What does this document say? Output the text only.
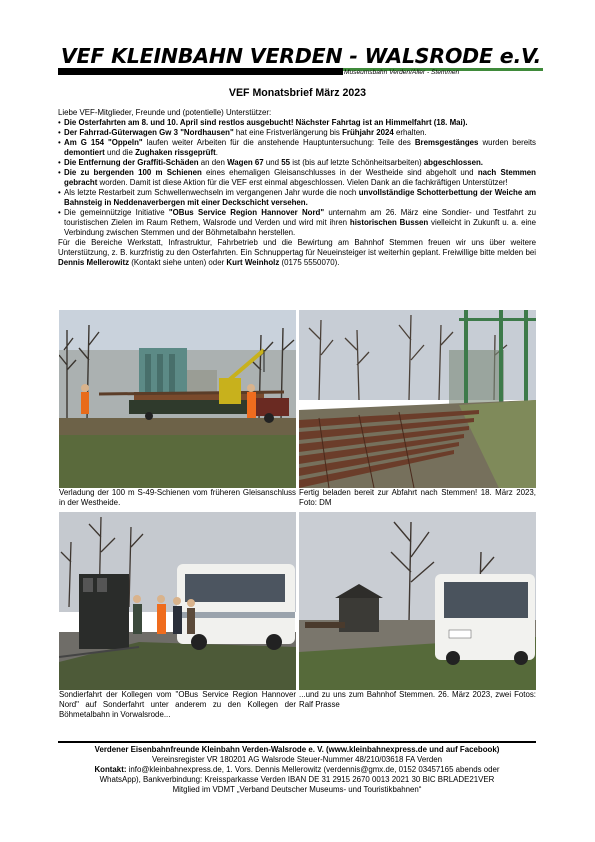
VEF KLEINBAHN VERDEN - WALSRODE e.V.
Museumsbahn Verden/Aller - Stemmen
VEF Monatsbrief März 2023

Liebe VEF-Mitglieder, Freunde und (potentielle) Unterstützer:

• Die Osterfahrten am 8. und 10. April sind restlos ausgebucht! Nächster Fahrtag ist an Himmelfahrt (18. Mai).
• Der Fahrrad-Güterwagen Gw 3 "Nordhausen" hat eine Fristverlängerung bis Frühjahr 2024 erhalten.
• Am G 154 "Oppeln" laufen weiter Arbeiten für die anstehende Hauptuntersuchung: Teile des Bremsgestänges wurden bereits demontiert und die Zughaken rissgeprüft.
• Die Entfernung der Graffiti-Schäden an den Wagen 67 und 55 ist (bis auf letzte Schönheitsarbeiten) abgeschlossen.
• Die zu bergenden 100 m Schienen eines ehemaligen Gleisanschlusses in der Westheide sind abgeholt und nach Stemmen gebracht worden. Damit ist diese Aktion für die VEF erst einmal abgeschlossen. Vielen Dank an die fachkräftigen Unterstützer!
• Als letzte Restarbeit zum Schwellenwechseln im vergangenen Jahr wurde die noch unvollständige Schotterbettung der Weiche am Bahnsteig in Neddenaverbergen mit einer Deckschicht versehen.
• Die gemeinnützige Initiative "OBus Service Region Hannover Nord" unternahm am 26. März eine Sondier- und Testfahrt zu touristischen Zielen im Raum Rethem, Walsrode und Verden und wird mit ihren historischen Bussen vielleicht in Zukunft u. a. eine Verbindung zwischen Stemmen und der Böhmetalbahn herstellen.

Für die Bereiche Werkstatt, Infrastruktur, Fahrbetrieb und die Bewirtung am Bahnhof Stemmen freuen wir uns über weitere Unterstützung, z. B. kurzfristig zu den Osterfahrten. Ein Schnuppertag für Neueinsteiger ist weiterhin geplant. Freiwillige bitte melden bei Dennis Mellerowitz (Kontakt siehe unten) oder Kurt Weinholz (0175 5550070).

Verladung der 100 m S-49-Schienen vom früheren Gleisanschluss in der Westheide.
Fertig beladen bereit zur Abfahrt nach Stemmen! 18. März 2023, Foto: DM
Sondierfahrt der Kollegen vom "OBus Service Region Hannover Nord" auf Sonderfahrt unter anderem zu den Kollegen der Böhmetalbahn in Vorwalsrode...
...und zu uns zum Bahnhof Stemmen. 26. März 2023, zwei Fotos: Ralf Prasse
Verdener Eisenbahnfreunde Kleinbahn Verden-Walsrode e. V. (www.kleinbahnexpress.de und auf Facebook)
Vereinsregister VR 180201 AG Walsrode Steuer-Nummer 48/210/03618 FA Verden
Kontakt: info@kleinbahnexpress.de, 1. Vors. Dennis Mellerowitz (verdennis@gmx.de, 0152 03457165 abends oder
WhatsApp), Bankverbindung: Kreissparkasse Verden IBAN DE 31 2915 2670 0013 2021 30 BIC BRLADE21VER
Mitglied im VDMT „Verband Deutscher Museums- und Touristikbahnen“
